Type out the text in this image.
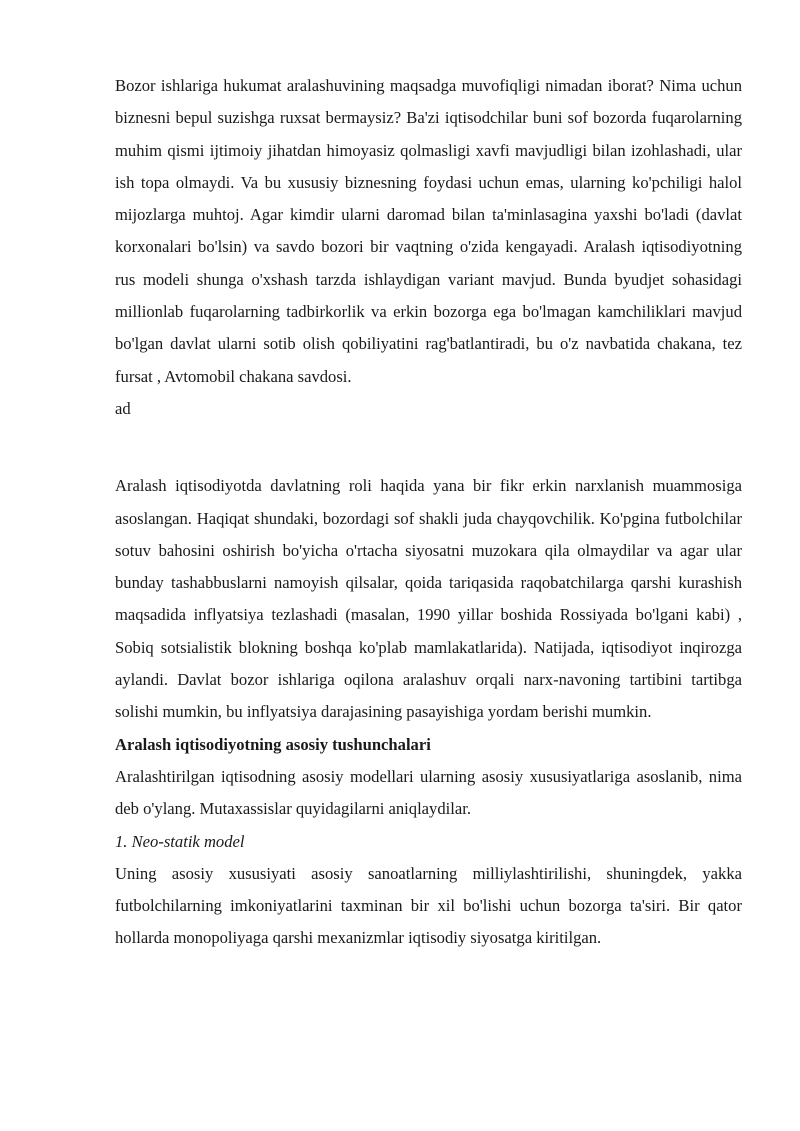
Bozor ishlariga hukumat aralashuvining maqsadga muvofiqligi nimadan iborat? Nima uchun biznesni bepul suzishga ruxsat bermaysiz? Ba'zi iqtisodchilar buni sof bozorda fuqarolarning muhim qismi ijtimoiy jihatdan himoyasiz qolmasligi xavfi mavjudligi bilan izohlashadi, ular ish topa olmaydi. Va bu xususiy biznesning foydasi uchun emas, ularning ko'pchiligi halol mijozlarga muhtoj. Agar kimdir ularni daromad bilan ta'minlasagina yaxshi bo'ladi (davlat korxonalari bo'lsin) va savdo bozori bir vaqtning o'zida kengayadi. Aralash iqtisodiyotning rus modeli shunga o'xshash tarzda ishlaydigan variant mavjud. Bunda byudjet sohasidagi millionlab fuqarolarning tadbirkorlik va erkin bozorga ega bo'lmagan kamchiliklari mavjud bo'lgan davlat ularni sotib olish qobiliyatini rag'batlantiradi, bu o'z navbatida chakana, tez fursat , Avtomobil chakana savdosi.

ad

Aralash iqtisodiyotda davlatning roli haqida yana bir fikr erkin narxlanish muammosiga asoslangan. Haqiqat shundaki, bozordagi sof shakli juda chayqovchilik. Ko'pgina futbolchilar sotuv bahosini oshirish bo'yicha o'rtacha siyosatni muzokara qila olmaydilar va agar ular bunday tashabbuslarni namoyish qilsalar, qoida tariqasida raqobatchilarga qarshi kurashish maqsadida inflyatsiya tezlashadi (masalan, 1990 yillar boshida Rossiyada bo'lgani kabi) , Sobiq sotsialistik blokning boshqa ko'plab mamlakatlarida). Natijada, iqtisodiyot inqirozga aylandi. Davlat bozor ishlariga oqilona aralashuv orqali narx-navoning tartibini tartibga solishi mumkin, bu inflyatsiya darajasining pasayishiga yordam berishi mumkin.

Aralash iqtisodiyotning asosiy tushunchalari

Aralashtirilgan iqtisodning asosiy modellari ularning asosiy xususiyatlariga asoslanib, nima deb o'ylang. Mutaxassislar quyidagilarni aniqlaydilar.

1. Neo-statik model

Uning asosiy xususiyati asosiy sanoatlarning milliylashtirilishi, shuningdek, yakka futbolchilarning imkoniyatlarini taxminan bir xil bo'lishi uchun bozorga ta'siri. Bir qator hollarda monopoliyaga qarshi mexanizmlar iqtisodiy siyosatga kiritilgan.
